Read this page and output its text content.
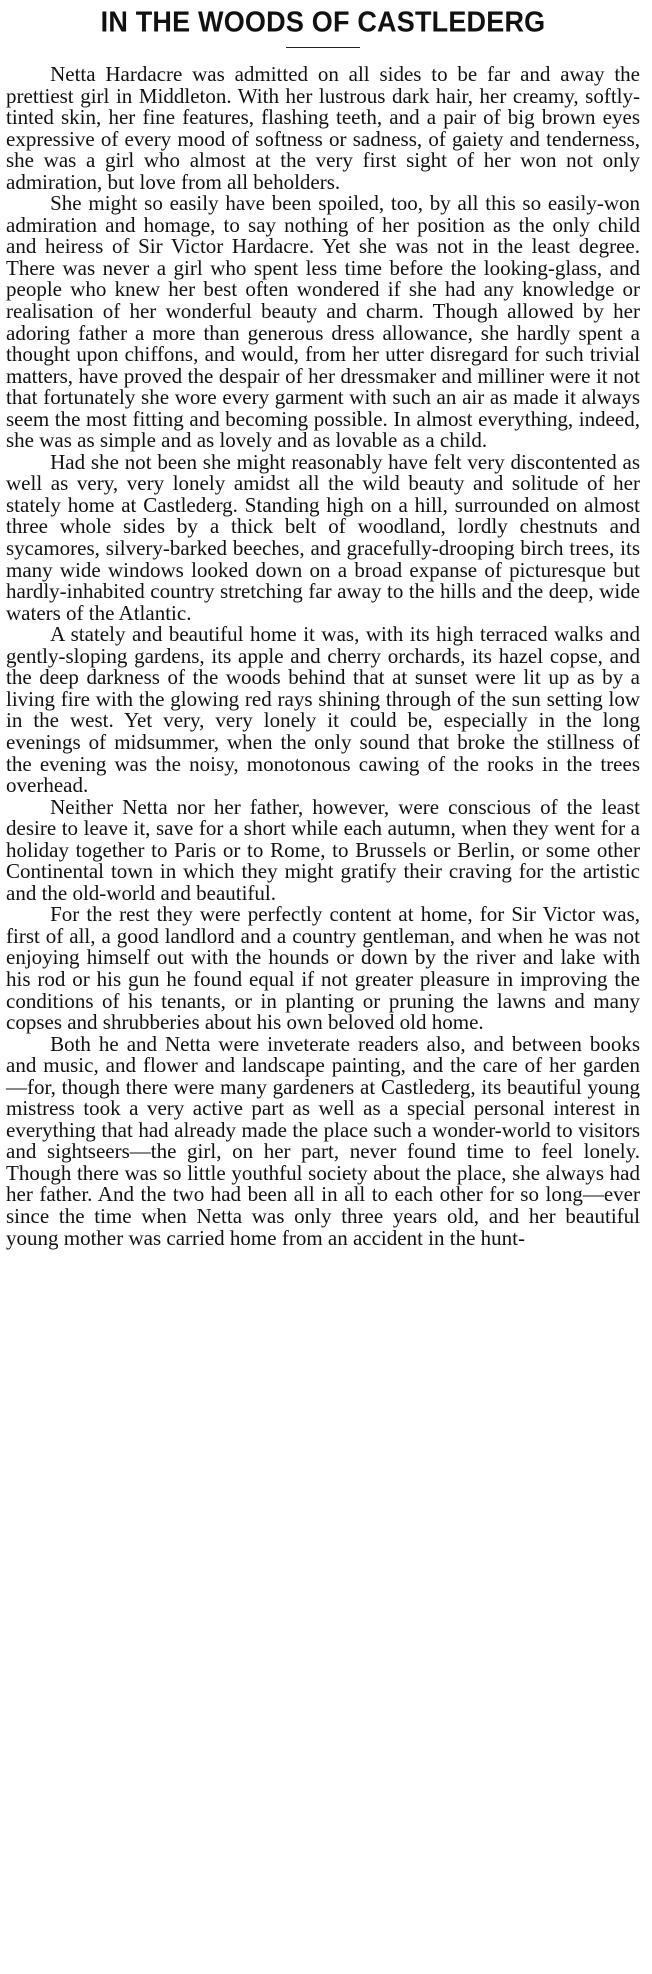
IN THE WOODS OF CASTLEDERG

Netta Hardacre was admitted on all sides to be far and away the prettiest girl in Middleton. With her lustrous dark hair, her creamy, softly-tinted skin, her fine features, flashing teeth, and a pair of big brown eyes expressive of every mood of softness or sadness, of gaiety and tenderness, she was a girl who almost at the very first sight of her won not only admiration, but love from all beholders.

She might so easily have been spoiled, too, by all this so easily-won admiration and homage, to say nothing of her position as the only child and heiress of Sir Victor Hardacre. Yet she was not in the least degree. There was never a girl who spent less time before the looking-glass, and people who knew her best often wondered if she had any knowledge or realisation of her wonderful beauty and charm. Though allowed by her adoring father a more than generous dress allowance, she hardly spent a thought upon chiffons, and would, from her utter disregard for such trivial matters, have proved the despair of her dressmaker and milliner were it not that fortunately she wore every garment with such an air as made it always seem the most fitting and becoming possible. In almost everything, indeed, she was as simple and as lovely and as lovable as a child.

Had she not been she might reasonably have felt very discontented as well as very, very lonely amidst all the wild beauty and solitude of her stately home at Castlederg. Standing high on a hill, surrounded on almost three whole sides by a thick belt of woodland, lordly chestnuts and sycamores, silvery-barked beeches, and gracefully-drooping birch trees, its many wide windows looked down on a broad expanse of picturesque but hardly-inhabited country stretching far away to the hills and the deep, wide waters of the Atlantic.

A stately and beautiful home it was, with its high terraced walks and gently-sloping gardens, its apple and cherry orchards, its hazel copse, and the deep darkness of the woods behind that at sunset were lit up as by a living fire with the glowing red rays shining through of the sun setting low in the west. Yet very, very lonely it could be, especially in the long evenings of midsummer, when the only sound that broke the stillness of the evening was the noisy, monotonous cawing of the rooks in the trees overhead.

Neither Netta nor her father, however, were conscious of the least desire to leave it, save for a short while each autumn, when they went for a holiday together to Paris or to Rome, to Brussels or Berlin, or some other Continental town in which they might gratify their craving for the artistic and the old-world and beautiful.

For the rest they were perfectly content at home, for Sir Victor was, first of all, a good landlord and a country gentleman, and when he was not enjoying himself out with the hounds or down by the river and lake with his rod or his gun he found equal if not greater pleasure in improving the conditions of his tenants, or in planting or pruning the lawns and many copses and shrubberies about his own beloved old home.

Both he and Netta were inveterate readers also, and between books and music, and flower and landscape painting, and the care of her garden—for, though there were many gardeners at Castlederg, its beautiful young mistress took a very active part as well as a special personal interest in everything that had already made the place such a wonder-world to visitors and sightseers—the girl, on her part, never found time to feel lonely. Though there was so little youthful society about the place, she always had her father. And the two had been all in all to each other for so long—ever since the time when Netta was only three years old, and her beautiful young mother was carried home from an accident in the hunt-
